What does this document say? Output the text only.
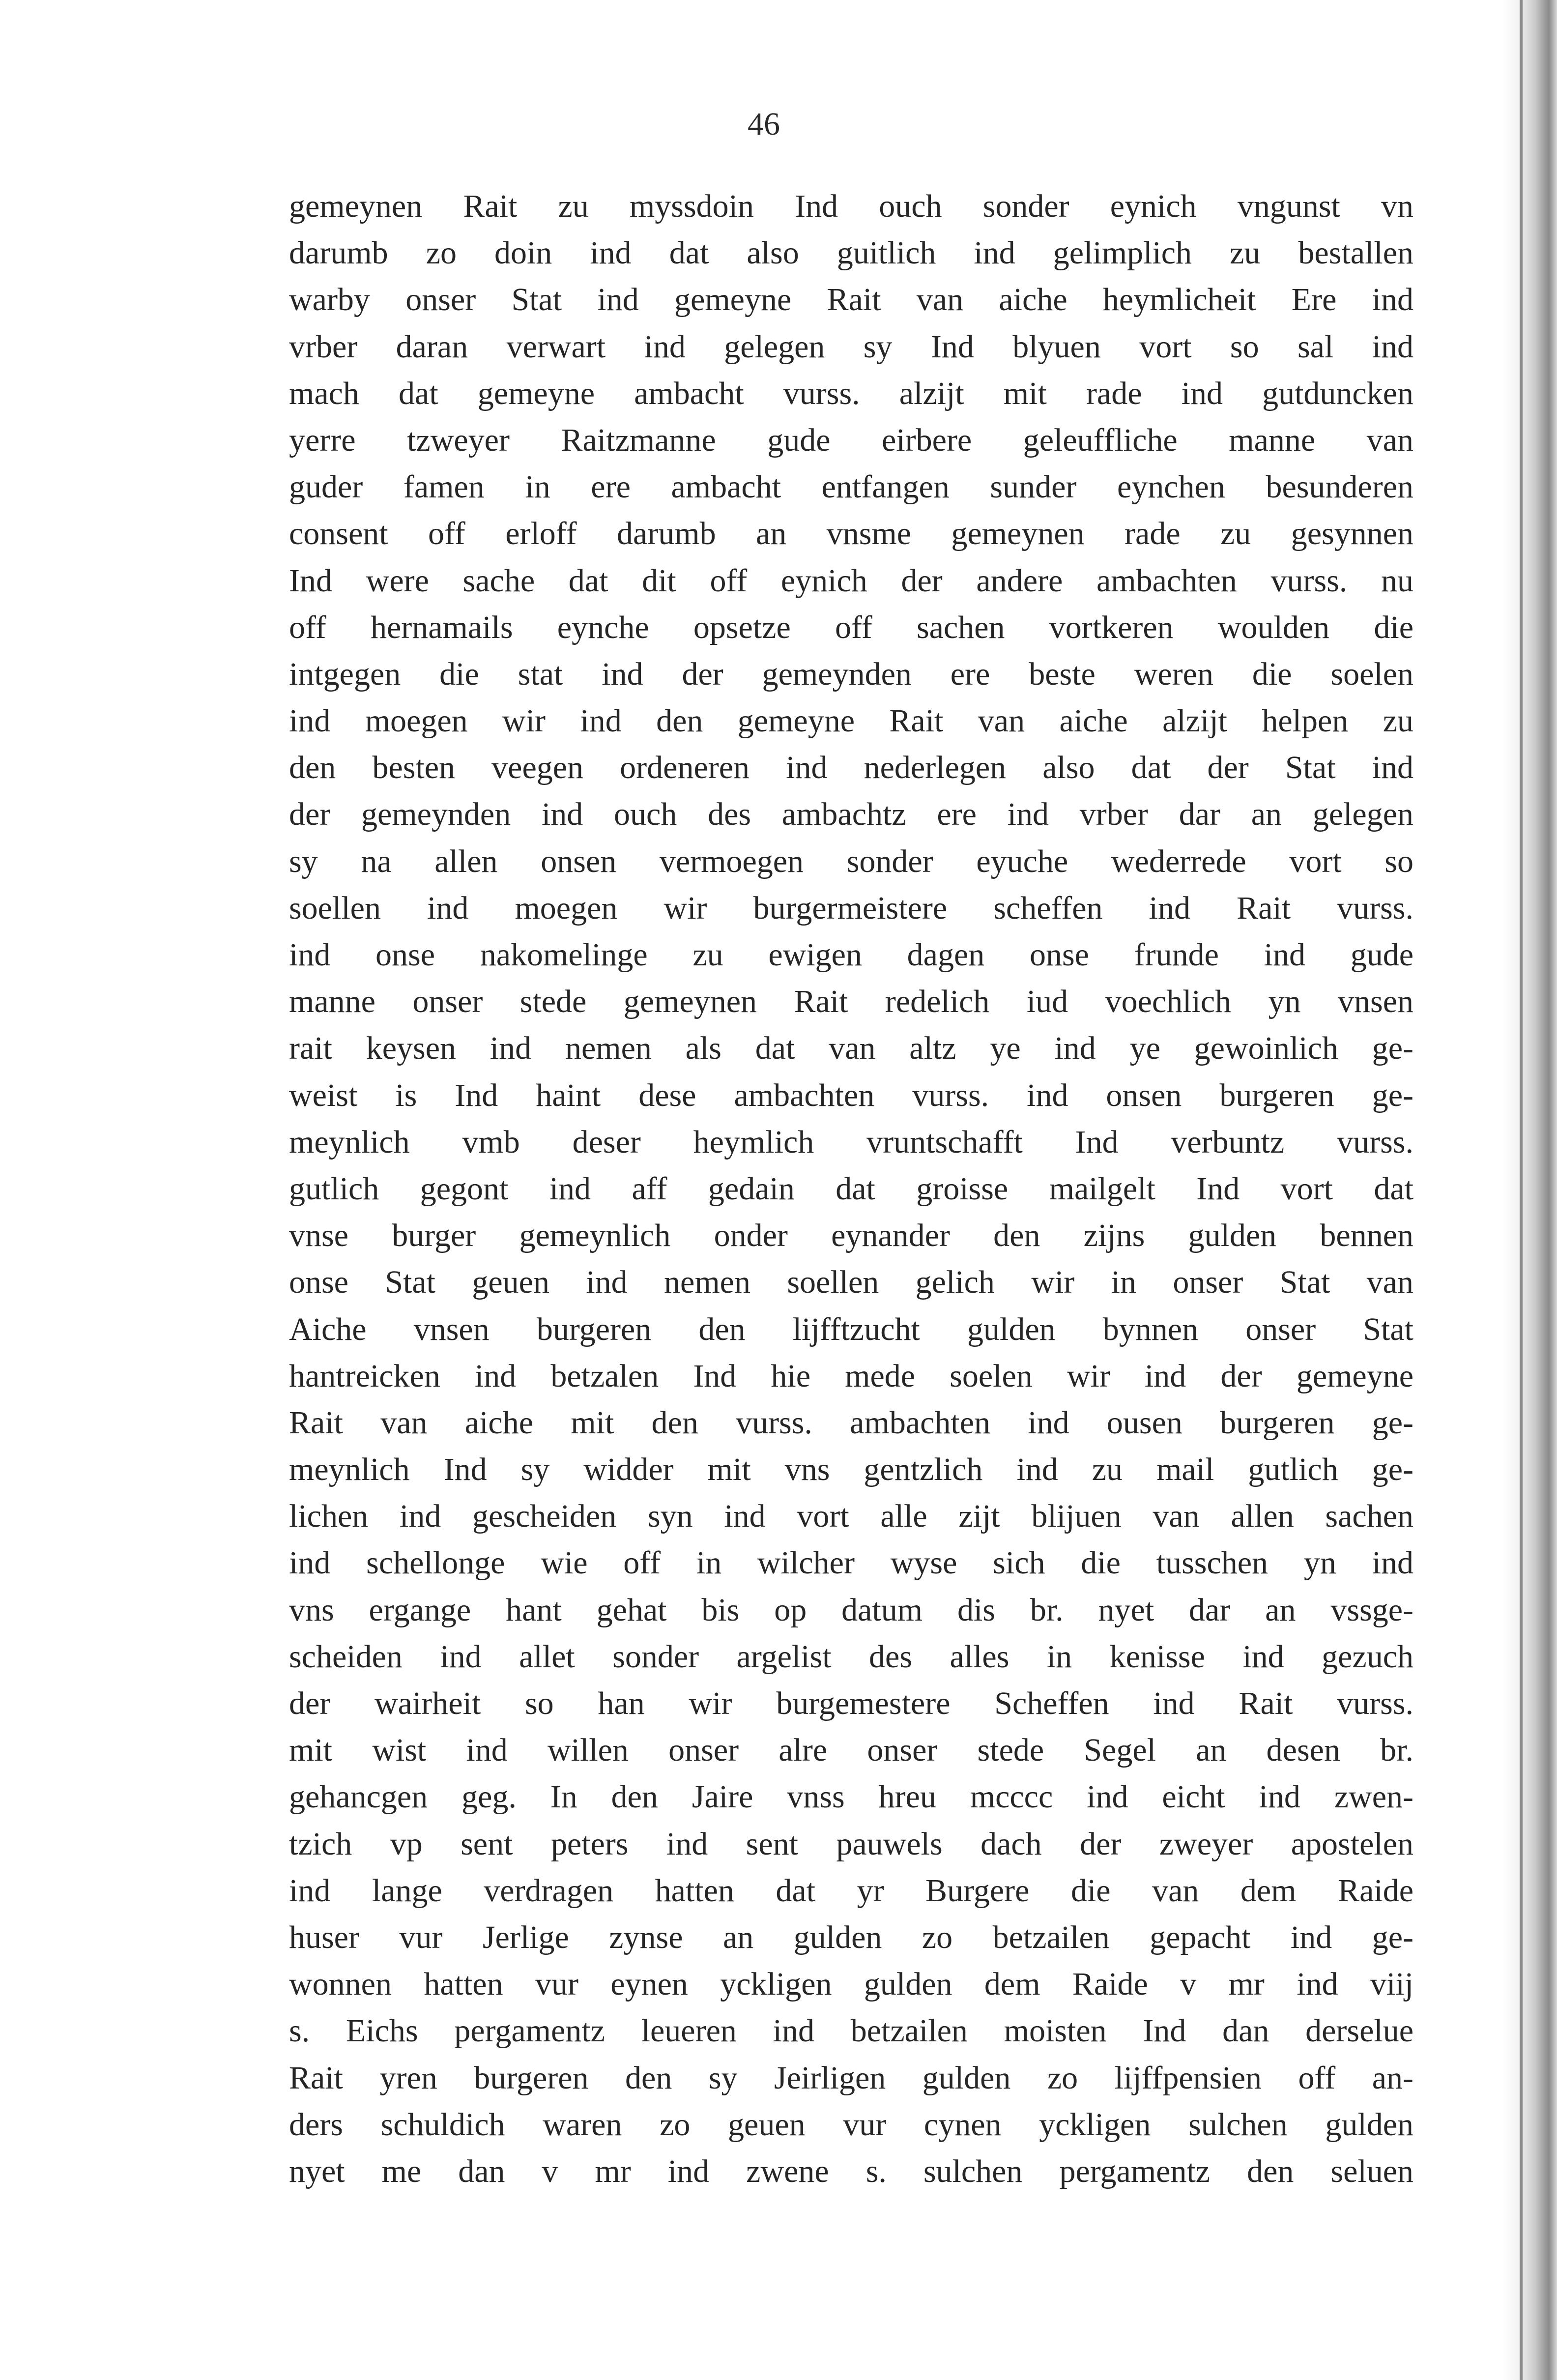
46
gemeynen Rait zu myssdoin Ind ouch sonder eynich vngunst vn
darumb zo doin ind dat also guitlich ind gelimplich zu bestallen
warby onser Stat ind gemeyne Rait van aiche heymlicheit Ere ind
vrber daran verwart ind gelegen sy Ind blyuen vort so sal ind
mach dat gemeyne ambacht vurss. alzijt mit rade ind gutduncken
yerre tzweyer Raitzmanne gude eirbere geleuffliche manne van
guder famen in ere ambacht entfangen sunder eynchen besunderen
consent off erloff darumb an vnsme gemeynen rade zu gesynnen
Ind were sache dat dit off eynich der andere ambachten vurss. nu
off hernamails eynche opsetze off sachen vortkeren woulden die
intgegen die stat ind der gemeynden ere beste weren die soelen
ind moegen wir ind den gemeyne Rait van aiche alzijt helpen zu
den besten veegen ordeneren ind nederlegen also dat der Stat ind
der gemeynden ind ouch des ambachtz ere ind vrber dar an gelegen
sy na allen onsen vermoegen sonder eyuche wederrede vort so
soellen ind moegen wir burgermeistere scheffen ind Rait vurss.
ind onse nakomelinge zu ewigen dagen onse frunde ind gude
manne onser stede gemeynen Rait redelich iud voechlich yn vnsen
rait keysen ind nemen als dat van altz ye ind ye gewoinlich ge-
weist is Ind haint dese ambachten vurss. ind onsen burgeren ge-
meynlich vmb deser heymlich vruntschafft Ind verbuntz vurss.
gutlich gegont ind aff gedain dat groisse mailgelt Ind vort dat
vnse burger gemeynlich onder eynander den zijns gulden bennen
onse Stat geuen ind nemen soellen gelich wir in onser Stat van
Aiche vnsen burgeren den lijfftzucht gulden bynnen onser Stat
hantreicken ind betzalen Ind hie mede soelen wir ind der gemeyne
Rait van aiche mit den vurss. ambachten ind ousen burgeren ge-
meynlich Ind sy widder mit vns gentzlich ind zu mail gutlich ge-
lichen ind gescheiden syn ind vort alle zijt blijuen van allen sachen
ind schellonge wie off in wilcher wyse sich die tusschen yn ind
vns ergange hant gehat bis op datum dis br. nyet dar an vssge-
scheiden ind allet sonder argelist des alles in kenisse ind gezuch
der wairheit so han wir burgemestere Scheffen ind Rait vurss.
mit wist ind willen onser alre onser stede Segel an desen br.
gehancgen geg. In den Jaire vnss hreu mcccc ind eicht ind zwen-
tzich vp sent peters ind sent pauwels dach der zweyer apostelen
ind lange verdragen hatten dat yr Burgere die van dem Raide
huser vur Jerlige zynse an gulden zo betzailen gepacht ind ge-
wonnen hatten vur eynen yckligen gulden dem Raide v mr ind viij
s. Eichs pergamentz leueren ind betzailen moisten Ind dan derselue
Rait yren burgeren den sy Jeirligen gulden zo lijffpensien off an-
ders schuldich waren zo geuen vur cynen yckligen sulchen gulden
nyet me dan v mr ind zwene s. sulchen pergamentz den seluen
